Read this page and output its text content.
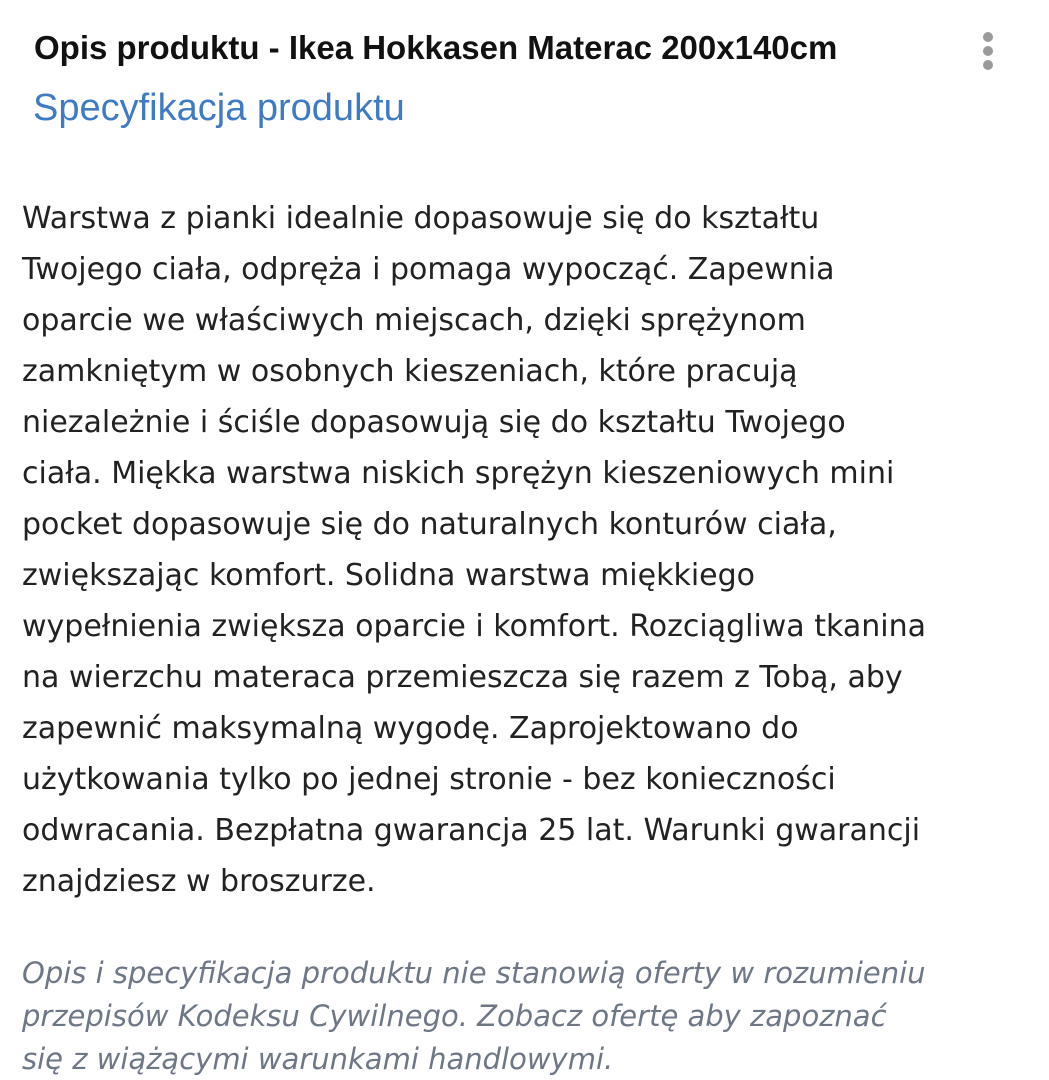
Opis produktu - Ikea Hokkasen Materac 200x140cm
Specyfikacja produktu
Warstwa z pianki idealnie dopasowuje się do kształtu
Twojego ciała, odpręża i pomaga wypocząć. Zapewnia
oparcie we właściwych miejscach, dzięki sprężynom
zamkniętym w osobnych kieszeniach, które pracują
niezależnie i ściśle dopasowują się do kształtu Twojego
ciała. Miękka warstwa niskich sprężyn kieszeniowych mini
pocket dopasowuje się do naturalnych konturów ciała,
zwiększając komfort. Solidna warstwa miękkiego
wypełnienia zwiększa oparcie i komfort. Rozciągliwa tkanina
na wierzchu materaca przemieszcza się razem z Tobą, aby
zapewnić maksymalną wygodę. Zaprojektowano do
użytkowania tylko po jednej stronie - bez konieczności
odwracania. Bezpłatna gwarancja 25 lat. Warunki gwarancji
znajdziesz w broszurze.
Opis i specyfikacja produktu nie stanowią oferty w rozumieniu
przepisów Kodeksu Cywilnego. Zobacz ofertę aby zapoznać
się z wiążącymi warunkami handlowymi.
